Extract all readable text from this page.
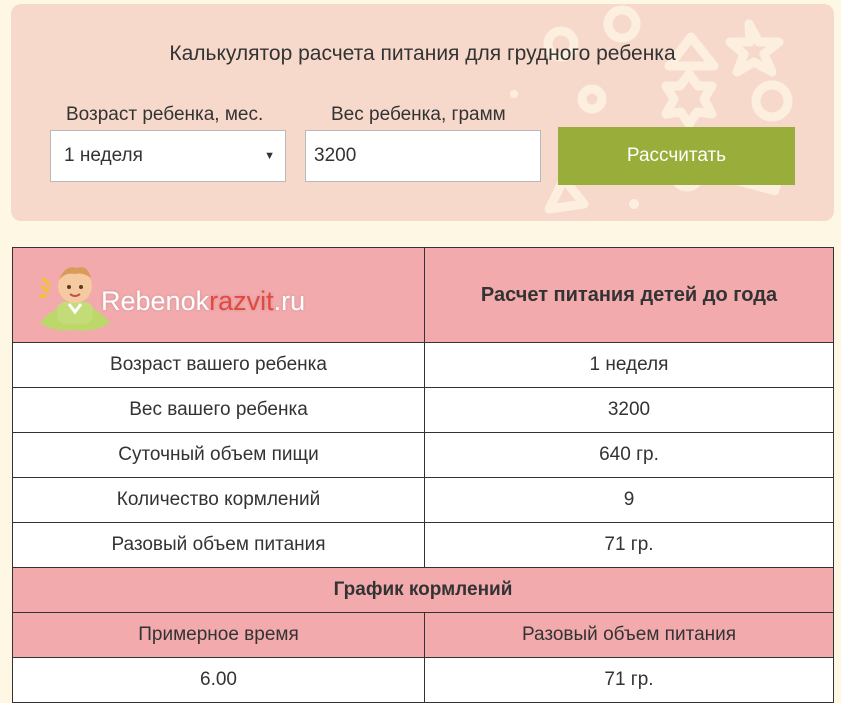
Калькулятор расчета питания для грудного ребенка
Возраст ребенка, мес.	Вес ребенка, грамм
1 неделя	▼	3200	Рассчитать
Rebenokrazvit.ru	Расчет питания детей до года
Возраст вашего ребенка	1 неделя
Вес вашего ребенка	3200
Суточный объем пищи	640 гр.
Количество кормлений	9
Разовый объем питания	71 гр.
График кормлений	
Примерное время	Разовый объем питания
6.00	71 гр.
